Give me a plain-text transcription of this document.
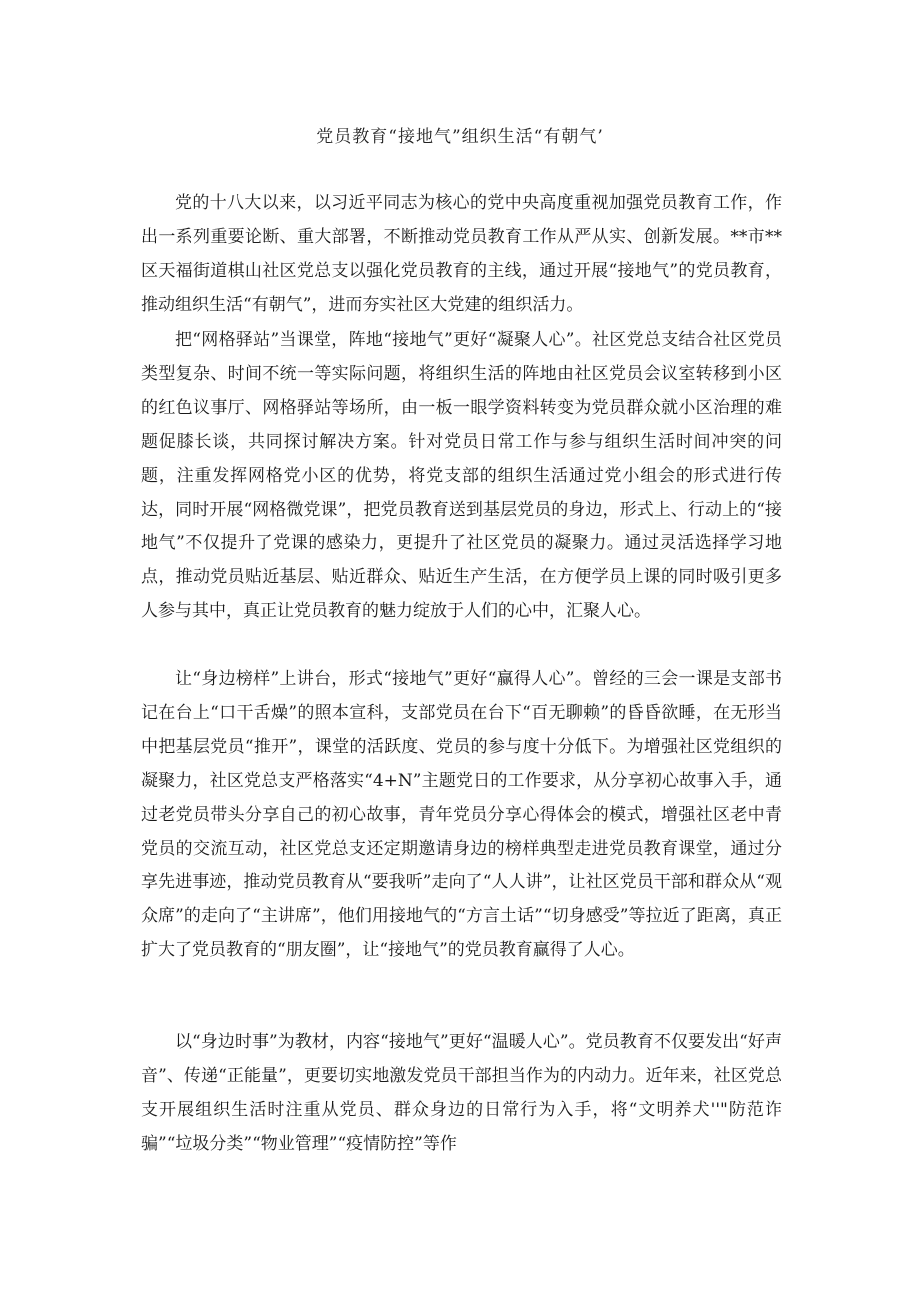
党员教育“接地气”组织生活“有朝气’

党的十八大以来，以习近平同志为核心的党中央高度重视加强党员教育工作，作出一系列重要论断、重大部署，不断推动党员教育工作从严从实、创新发展。**市**区天福街道棋山社区党总支以强化党员教育的主线，通过开展“接地气”的党员教育，推动组织生活“有朝气”，进而夯实社区大党建的组织活力。

把“网格驿站”当课堂，阵地“接地气”更好“凝聚人心”。社区党总支结合社区党员类型复杂、时间不统一等实际问题，将组织生活的阵地由社区党员会议室转移到小区的红色议事厅、网格驿站等场所，由一板一眼学资料转变为党员群众就小区治理的难题促膝长谈，共同探讨解决方案。针对党员日常工作与参与组织生活时间冲突的问题，注重发挥网格党小区的优势，将党支部的组织生活通过党小组会的形式进行传达，同时开展“网格微党课”，把党员教育送到基层党员的身边，形式上、行动上的“接地气”不仅提升了党课的感染力，更提升了社区党员的凝聚力。通过灵活选择学习地点，推动党员贴近基层、贴近群众、贴近生产生活，在方便学员上课的同时吸引更多人参与其中，真正让党员教育的魅力绽放于人们的心中，汇聚人心。

让“身边榜样”上讲台，形式“接地气”更好“赢得人心”。曾经的三会一课是支部书记在台上“口干舌燥”的照本宣科，支部党员在台下“百无聊赖”的昏昏欲睡，在无形当中把基层党员“推开”，课堂的活跃度、党员的参与度十分低下。为增强社区党组织的凝聚力，社区党总支严格落实“4+N”主题党日的工作要求，从分享初心故事入手，通过老党员带头分享自己的初心故事，青年党员分享心得体会的模式，增强社区老中青党员的交流互动，社区党总支还定期邀请身边的榜样典型走进党员教育课堂，通过分享先进事迹，推动党员教育从“要我听”走向了“人人讲”，让社区党员干部和群众从“观众席”的走向了“主讲席”，他们用接地气的“方言土话”“切身感受”等拉近了距离，真正扩大了党员教育的“朋友圈”，让“接地气”的党员教育赢得了人心。

以“身边时事”为教材，内容“接地气”更好“温暖人心”。党员教育不仅要发出“好声音”、传递“正能量”，更要切实地激发党员干部担当作为的内动力。近年来，社区党总支开展组织生活时注重从党员、群众身边的日常行为入手，将“文明养犬''"防范诈骗”“垃圾分类”“物业管理”“疫情防控”等作
